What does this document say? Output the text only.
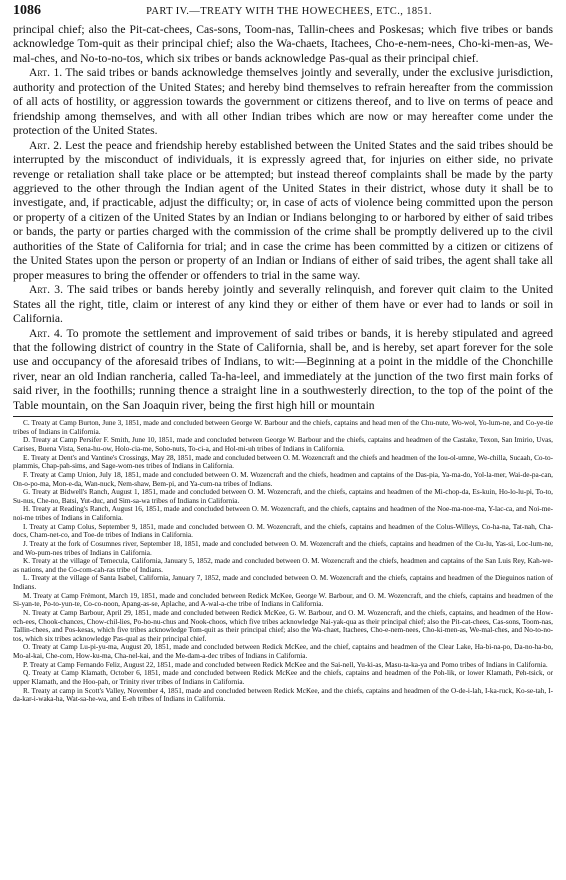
1086	PART IV.—TREATY WITH THE HOWECHEES, ETC., 1851.

principal chief; also the Pit-cat-chees, Cas-sons, Toom-nas, Tallin-chees and Poskesas; which five tribes or bands acknowledge Tom-quit as their principal chief; also the Wa-chaets, Itachees, Cho-e-nem-nees, Cho-ki-men-as, We-mal-ches, and No-to-no-tos, which six tribes or bands acknowledge Pas-qual as their principal chief.

Art. 1. The said tribes or bands acknowledge themselves jointly and severally, under the exclusive jurisdiction, authority and protection of the United States; and hereby bind themselves to refrain hereafter from the commission of all acts of hostility, or aggression towards the government or citizens thereof, and to live on terms of peace and friendship among themselves, and with all other Indian tribes which are now or may hereafter come under the protection of the United States.

Art. 2. Lest the peace and friendship hereby established between the United States and the said tribes should be interrupted by the misconduct of individuals, it is expressly agreed that, for injuries on either side, no private revenge or retaliation shall take place or be attempted; but instead thereof complaints shall be made by the party aggrieved to the other through the Indian agent of the United States in their district, whose duty it shall be to investigate, and, if practicable, adjust the difficulty; or, in case of acts of violence being committed upon the person or property of a citizen of the United States by an Indian or Indians belonging to or harbored by either of said tribes or bands, the party or parties charged with the commission of the crime shall be promptly delivered up to the civil authorities of the State of California for trial; and in case the crime has been committed by a citizen or citizens of the United States upon the person or property of an Indian or Indians of either of said tribes, the agent shall take all proper measures to bring the offender or offenders to trial in the same way.

Art. 3. The said tribes or bands hereby jointly and severally relinquish, and forever quit claim to the United States all the right, title, claim or interest of any kind they or either of them have or ever had to lands or soil in California.

Art. 4. To promote the settlement and improvement of said tribes or bands, it is hereby stipulated and agreed that the following district of country in the State of California, shall be, and is hereby, set apart forever for the sole use and occupancy of the aforesaid tribes of Indians, to wit:—Beginning at a point in the middle of the Chonchille river, near an old Indian rancheria, called Ta-ha-leel, and immediately at the junction of the two first main forks of said river, in the foothills; running thence a straight line in a southwesterly direction, to the top of the point of the Table mountain, on the San Joaquin river, being the first high hill or mountain

C. Treaty at Camp Burton, June 3, 1851, made and concluded between George W. Barbour and the chiefs, captains and head men of the Chu-nute, Wo-wol, Yo-lum-ne, and Co-ye-tie tribes of Indians in California.

D. Treaty at Camp Persifer F. Smith, June 10, 1851, made and concluded between George W. Barbour and the chiefs, captains and headmen of the Castake, Texon, San Imirio, Uvas, Carises, Buena Vista, Sena-hu-ow, Holo-cia-me, Soho-nuts, To-ci-a, and Hol-mi-uh tribes of Indians in California.

E. Treaty at Dent's and Vantine's Crossings, May 28, 1851, made and concluded between O. M. Wozencraft and the chiefs and headmen of the Iou-ol-umne, We-chilla, Sucaah, Co-to-plammis, Chap-pah-sims, and Sage-wom-nes tribes of Indians in California.

F. Treaty at Camp Union, July 18, 1851, made and concluded between O. M. Wozencraft and the chiefs, headmen and captains of the Das-pia, Ya-ma-do, Yol-la-mer, Wai-de-pa-can, On-o-po-ma, Mon-e-da, Wan-nuck, Nem-shaw, Bem-pi, and Ya-cum-na tribes of Indians.

G. Treaty at Bidwell's Ranch, August 1, 1851, made and concluded between O. M. Wozencraft, and the chiefs, captains and headmen of the Mi-chop-da, Es-kuin, Ho-lo-lu-pi, To-to, Su-nus, Che-no, Batsi, Yut-duc, and Sim-sa-wa tribes of Indians in California.

H. Treaty at Reading's Ranch, August 16, 1851, made and concluded between O. M. Wozencraft, and the chiefs, captains and headmen of the Noe-ma-noe-ma, Y-lac-ca, and Noi-me-noi-me tribes of Indians in California.

I. Treaty at Camp Colus, September 9, 1851, made and concluded between O. M. Wozencraft, and the chiefs, captains and headmen of the Colus-Willeys, Co-ha-na, Tat-nah, Cha-docs, Cham-net-co, and Toe-de tribes of Indians in California.

J. Treaty at the fork of Cosumnes river, September 18, 1851, made and concluded between O. M. Wozencraft and the chiefs, captains and headmen of the Cu-lu, Yas-si, Loc-lum-ne, and Wo-pum-nes tribes of Indians in California.

K. Treaty at the village of Temecula, California, January 5, 1852, made and concluded between O. M. Wozencraft and the chiefs, headmen and captains of the San Luis Rey, Kah-we-as nations, and the Co-com-cah-ras tribe of Indians.

L. Treaty at the village of Santa Isabel, California, January 7, 1852, made and concluded between O. M. Wozencraft and the chiefs, captains and headmen of the Dieguinos nation of Indians.

M. Treaty at Camp Frémont, March 19, 1851, made and concluded between Redick McKee, George W. Barbour, and O. M. Wozencraft, and the chiefs, captains and headmen of the Si-yan-te, Po-to-yun-te, Co-co-noon, Apang-as-se, Aplache, and A-wal-a-che tribe of Indians in California.

N. Treaty at Camp Barbour, April 29, 1851, made and concluded between Redick McKee, G. W. Barbour, and O. M. Wozencraft, and the chiefs, captains, and headmen of the How-ech-ees, Chook-chances, Chow-chil-lies, Po-ho-nu-chus and Nook-choos, which five tribes acknowledge Nai-yak-qua as their principal chief; also the Pit-cat-chees, Cas-sons, Toom-nas, Tallin-chees, and Pos-kesas, which five tribes acknowledge Tom-quit as their principal chief; also the Wa-chaet, Itachees, Cho-e-nem-nees, Cho-ki-men-as, We-mal-ches, and No-to-no-tos, which six tribes acknowledge Pas-qual as their principal chief.

O. Treaty at Camp Lu-pi-yu-ma, August 20, 1851, made and concluded between Redick McKee, and the chief, captains and headmen of the Clear Lake, Ha-bi-na-po, Da-no-ha-bo, Mo-al-kai, Che-com, How-ku-ma, Cha-nel-kai, and the Me-dam-a-dec tribes of Indians in California.

P. Treaty at Camp Fernando Feliz, August 22, 1851, made and concluded between Redick McKee and the Sai-nell, Yu-ki-as, Masu-ta-ka-ya and Pomo tribes of Indians in California.

Q. Treaty at Camp Klamath, October 6, 1851, made and concluded between Redick McKee and the chiefs, captains and headmen of the Poh-lik, or lower Klamath, Peh-tsick, or upper Klamath, and the Hoo-pah, or Trinity river tribes of Indians in California.

R. Treaty at camp in Scott's Valley, November 4, 1851, made and concluded between Redick McKee, and the chiefs, captains and headmen of the O-de-i-lah, I-ka-ruck, Ko-se-tah, I-da-kar-i-waka-ha, Wat-sa-he-wa, and E-eh tribes of Indians in California.
